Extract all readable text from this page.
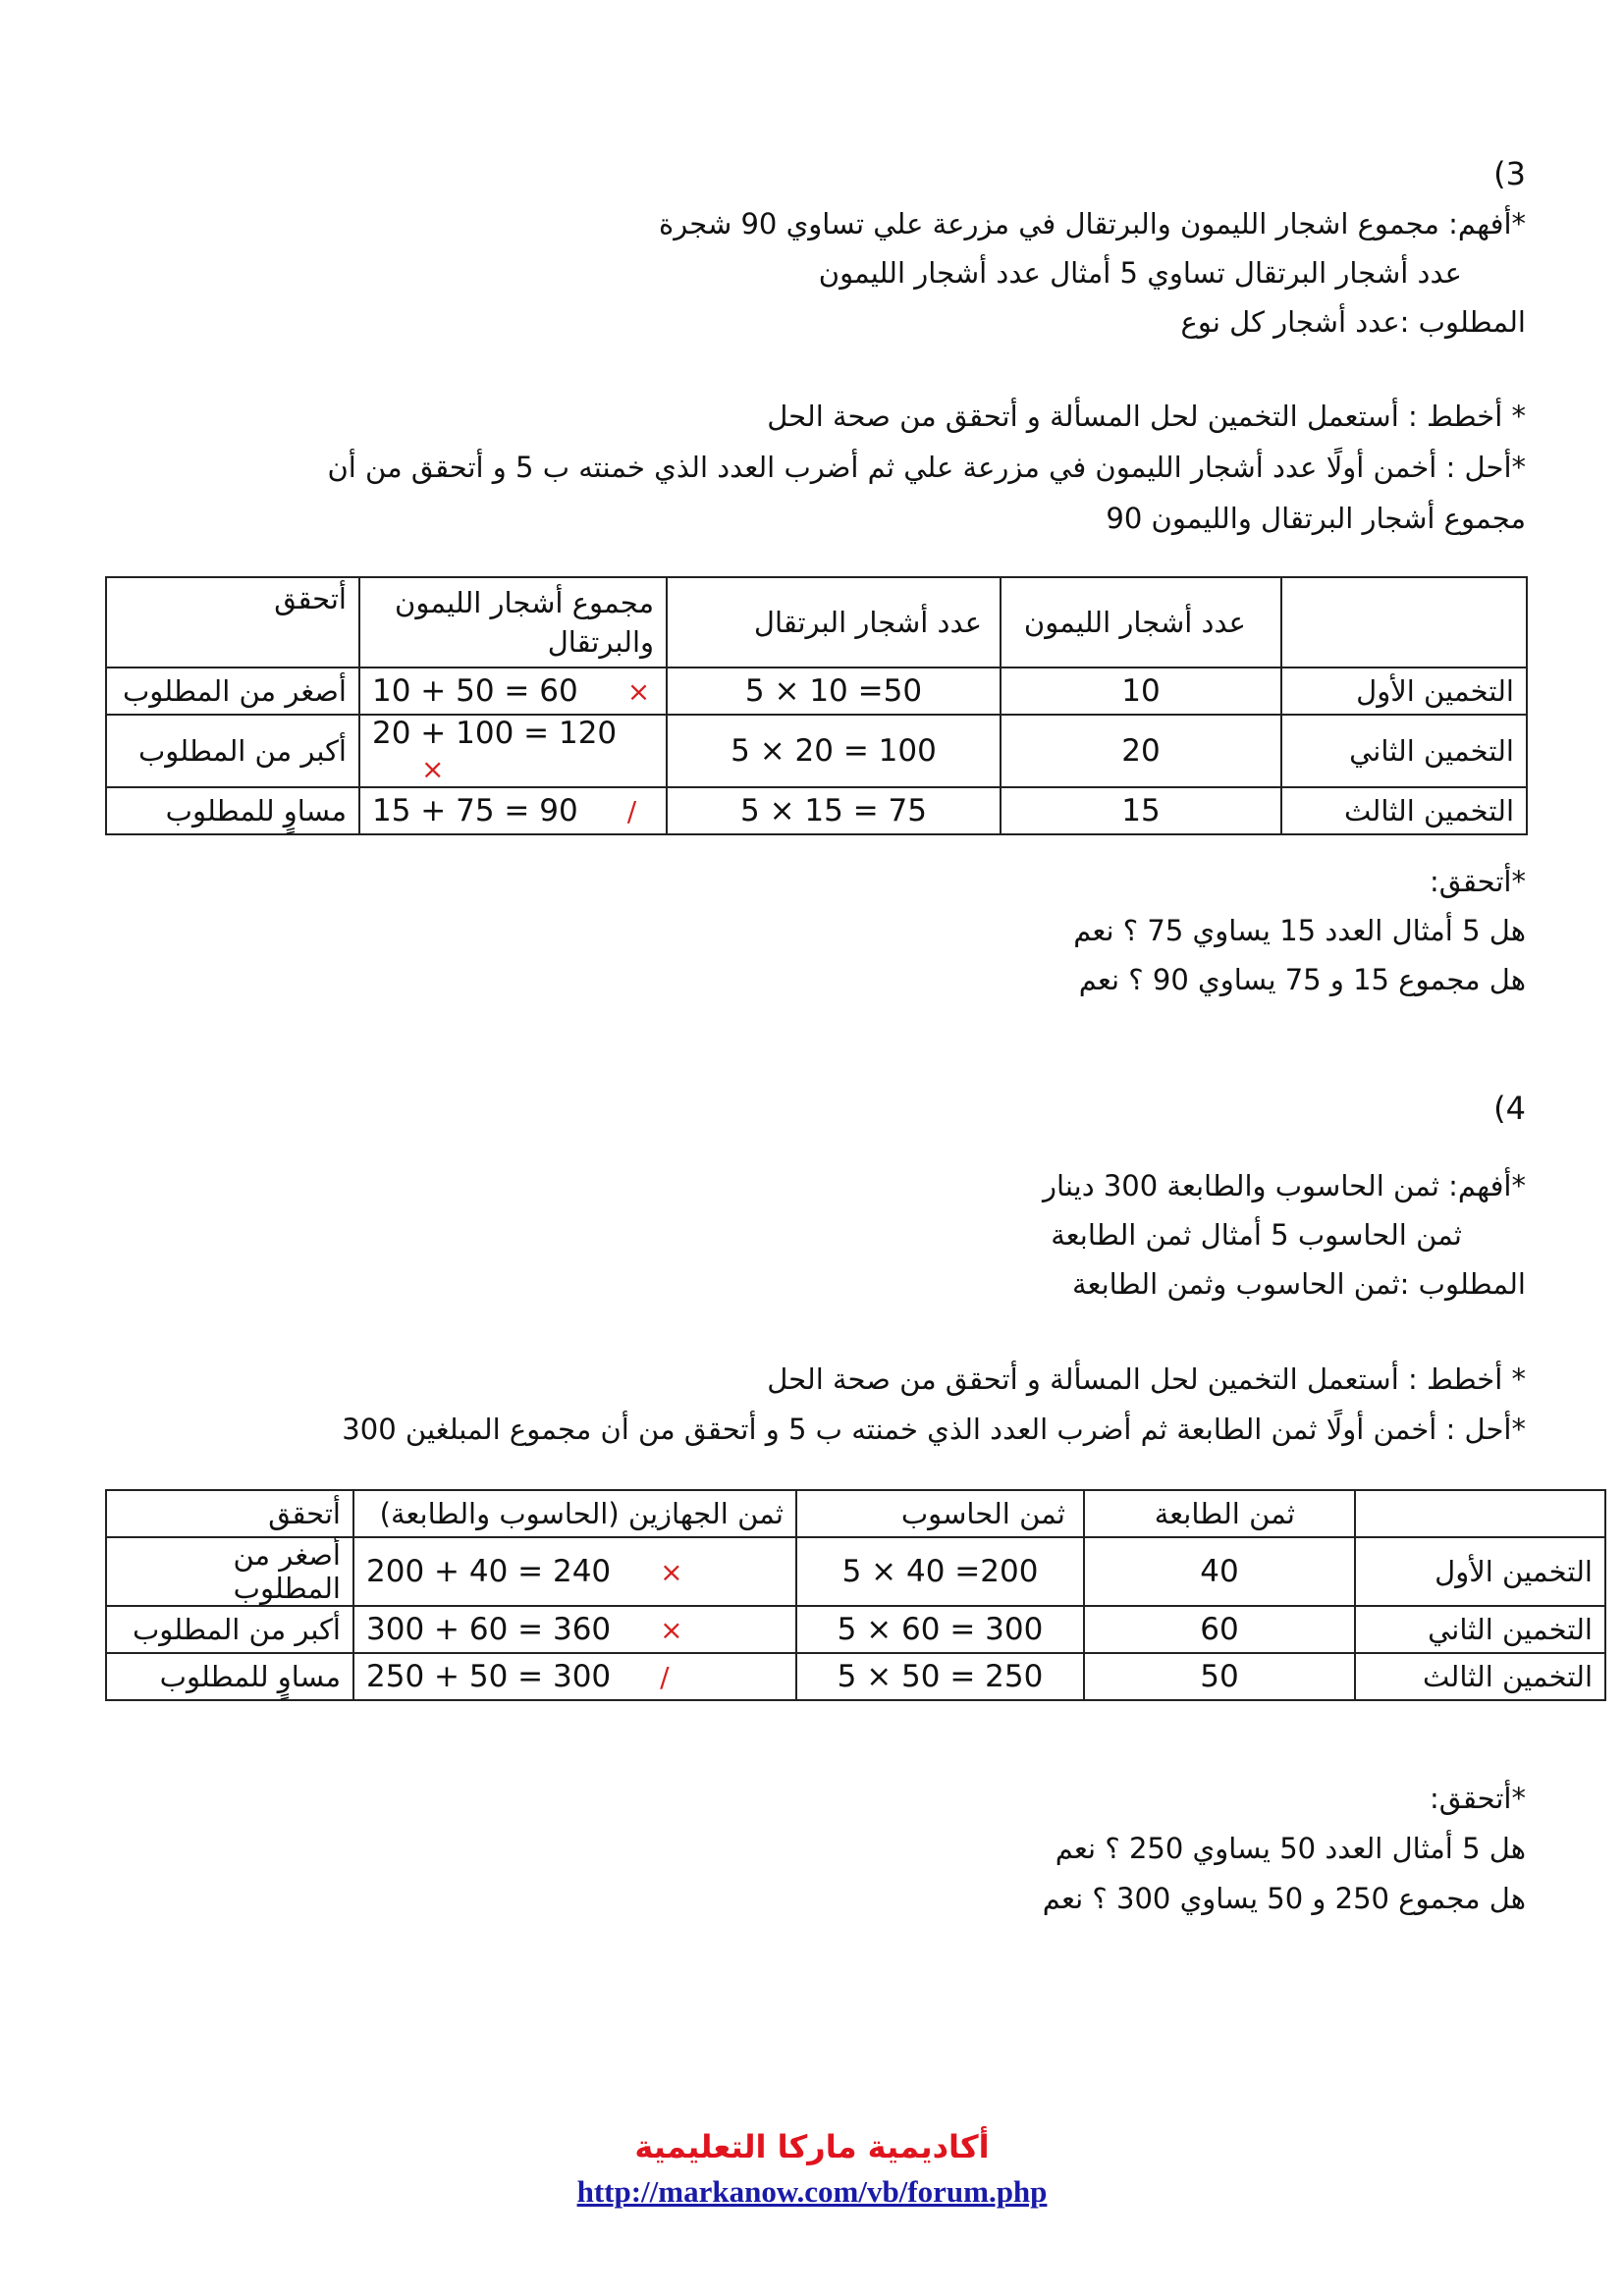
(3
*أفهم: مجموع اشجار الليمون والبرتقال في مزرعة علي تساوي 90 شجرة
عدد أشجار البرتقال تساوي 5 أمثال عدد أشجار الليمون
المطلوب :عدد أشجار كل نوع
* أخطط : أستعمل التخمين لحل المسألة و أتحقق من صحة الحل
*أحل : أخمن أولًا عدد أشجار الليمون في مزرعة علي ثم أضرب العدد الذي خمنته ب 5 و أتحقق من أن
مجموع أشجار البرتقال والليمون 90
	عدد أشجار الليمون	عدد أشجار البرتقال	مجموع أشجار الليمون والبرتقال	أتحقق
التخمين الأول	10	5 × 10 =50	10 + 50 = 60 ×	أصغر من المطلوب
التخمين الثاني	20	5 × 20 = 100	20 + 100 = 120×	أكبر من المطلوب
التخمين الثالث	15	5 × 15 = 75	15 + 75 = 90 /	مساوٍ للمطلوب
*أتحقق:
هل 5 أمثال العدد 15 يساوي 75 ؟ نعم
هل مجموع 15 و 75 يساوي 90 ؟ نعم
(4
*أفهم: ثمن الحاسوب والطابعة 300 دينار
ثمن الحاسوب 5 أمثال ثمن الطابعة
المطلوب :ثمن الحاسوب وثمن الطابعة
* أخطط : أستعمل التخمين لحل المسألة و أتحقق من صحة الحل
*أحل : أخمن أولًا ثمن الطابعة ثم أضرب العدد الذي خمنته ب 5 و أتحقق من أن مجموع المبلغين 300
	ثمن الطابعة	ثمن الحاسوب	ثمن الجهازين (الحاسوب والطابعة)	أتحقق
التخمين الأول	40	5 × 40 =200	200 + 40 = 240 ×	أصغر من المطلوب
التخمين الثاني	60	5 × 60 = 300	300 + 60 = 360 ×	أكبر من المطلوب
التخمين الثالث	50	5 × 50 = 250	250 + 50 = 300 /	مساوٍ للمطلوب
*أتحقق:
هل 5 أمثال العدد 50 يساوي 250 ؟ نعم
هل مجموع 250 و 50 يساوي 300 ؟ نعم
أكاديمية ماركا التعليمية
http://markanow.com/vb/forum.php
